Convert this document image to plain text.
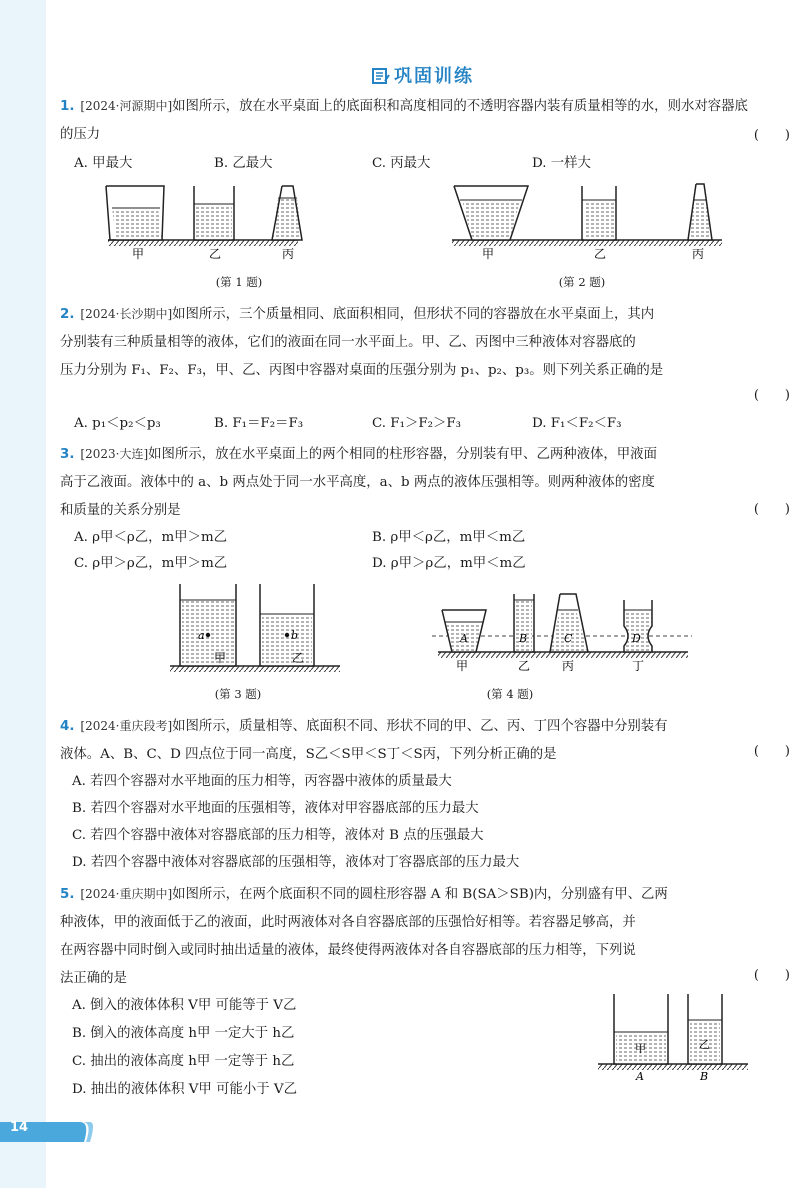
巩固训练
1. [2024·河源期中]如图所示，放在水平桌面上的底面积和高度相同的不透明容器内装有质量相等的水，则水对容器底的压力	(　　)
A. 甲最大	B. 乙最大	C. 丙最大	D. 一样大
甲	乙	丙	甲	乙	丙
(第 1 题)	(第 2 题)
2. [2024·长沙期中]如图所示，三个质量相同、底面积相同，但形状不同的容器放在水平桌面上，其内
分别装有三种质量相等的液体，它们的液面在同一水平面上。甲、乙、丙图中三种液体对容器底的
压力分别为 F₁、F₂、F₃，甲、乙、丙图中容器对桌面的压强分别为 p₁、p₂、p₃。则下列关系正确的是
(　　)
A. p₁＜p₂＜p₃	B. F₁＝F₂＝F₃	C. F₁＞F₂＞F₃	D. F₁＜F₂＜F₃
3. [2023·大连]如图所示，放在水平桌面上的两个相同的柱形容器，分别装有甲、乙两种液体，甲液面
高于乙液面。液体中的 a、b 两点处于同一水平高度，a、b 两点的液体压强相等。则两种液体的密度
和质量的关系分别是	(　　)
A. ρ甲＜ρ乙，m甲＞m乙	B. ρ甲＜ρ乙，m甲＜m乙
C. ρ甲＞ρ乙，m甲＞m乙	D. ρ甲＞ρ乙，m甲＜m乙
a	b
甲	乙
A	B	C	D
甲	乙	丙	丁
(第 3 题)	(第 4 题)
4. [2024·重庆段考]如图所示，质量相等、底面积不同、形状不同的甲、乙、丙、丁四个容器中分别装有
液体。A、B、C、D 四点位于同一高度，S乙＜S甲＜S丁＜S丙，下列分析正确的是	(　　)
A. 若四个容器对水平地面的压力相等，丙容器中液体的质量最大
B. 若四个容器对水平地面的压强相等，液体对甲容器底部的压力最大
C. 若四个容器中液体对容器底部的压力相等，液体对 B 点的压强最大
D. 若四个容器中液体对容器底部的压强相等，液体对丁容器底部的压力最大
5. [2024·重庆期中]如图所示，在两个底面积不同的圆柱形容器 A 和 B(SA＞SB)内，分别盛有甲、乙两
种液体，甲的液面低于乙的液面，此时两液体对各自容器底部的压强恰好相等。若容器足够高，并
在两容器中同时倒入或同时抽出适量的液体，最终使得两液体对各自容器底部的压力相等，下列说
法正确的是	(　　)
A. 倒入的液体体积 V甲 可能等于 V乙
B. 倒入的液体高度 h甲 一定大于 h乙
C. 抽出的液体高度 h甲 一定等于 h乙
D. 抽出的液体体积 V甲 可能小于 V乙
甲	乙
A	B
14
